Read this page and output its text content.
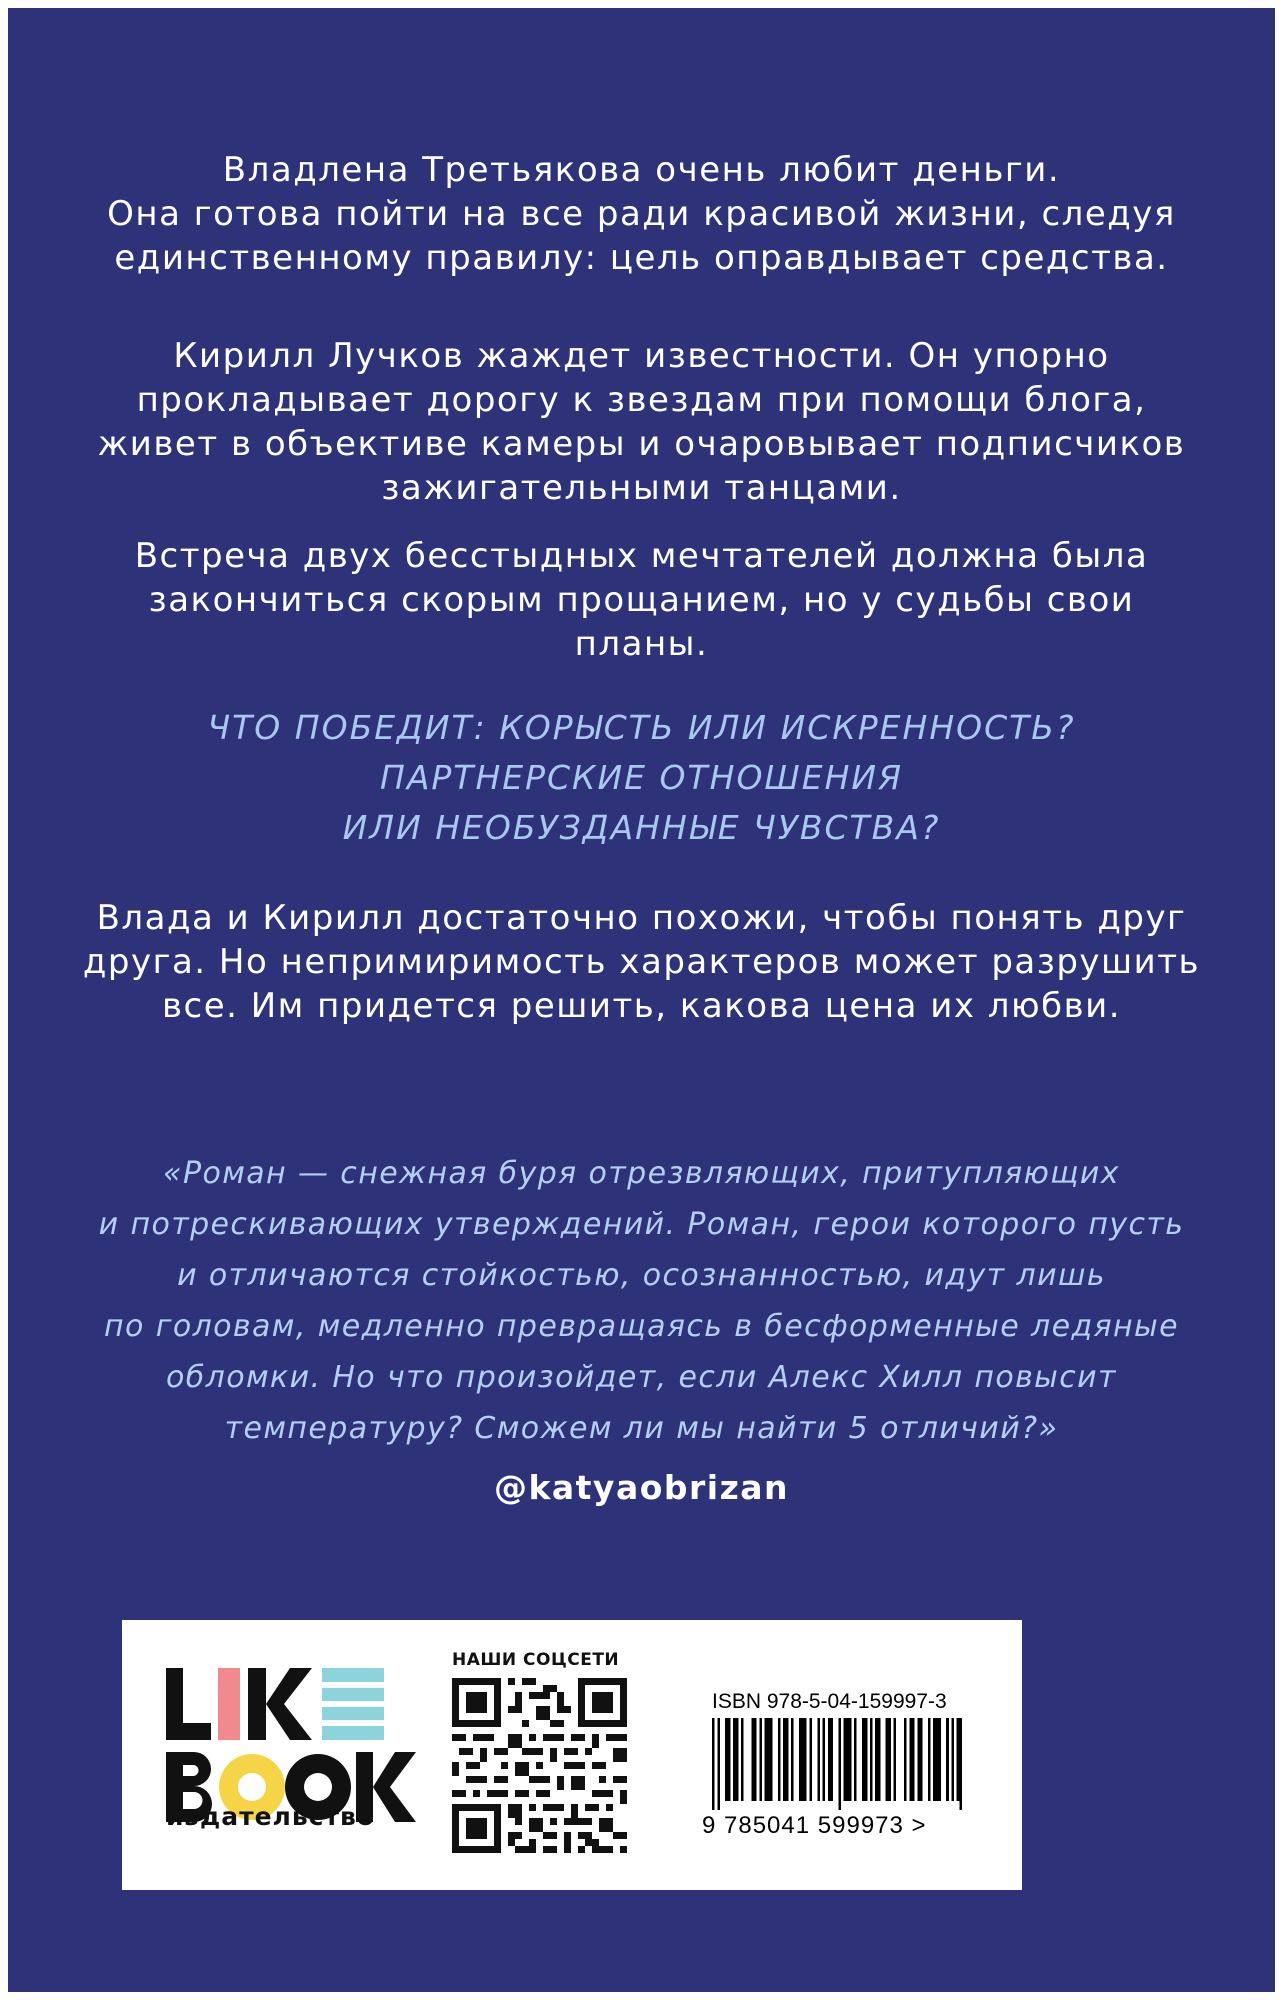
Владлена Третьякова очень любит деньги.
Она готова пойти на все ради красивой жизни, следуя
единственному правилу: цель оправдывает средства.
Кирилл Лучков жаждет известности. Он упорно
прокладывает дорогу к звездам при помощи блога,
живет в объективе камеры и очаровывает подписчиков
зажигательными танцами.
Встреча двух бесстыдных мечтателей должна была
закончиться скорым прощанием, но у судьбы свои
планы.
ЧТО ПОБЕДИТ: КОРЫСТЬ ИЛИ ИСКРЕННОСТЬ?
ПАРТНЕРСКИЕ ОТНОШЕНИЯ
ИЛИ НЕОБУЗДАННЫЕ ЧУВСТВА?
Влада и Кирилл достаточно похожи, чтобы понять друг
друга. Но непримиримость характеров может разрушить
все. Им придется решить, какова цена их любви.
«Роман — снежная буря отрезвляющих, притупляющих
и потрескивающих утверждений. Роман, герои которого пусть
и отличаются стойкостью, осознанностью, идут лишь
по головам, медленно превращаясь в бесформенные ледяные
обломки. Но что произойдет, если Алекс Хилл повысит
температуру? Сможем ли мы найти 5 отличий?»
@katyaobrizan
издательство
НАШИ СОЦСЕТИ
ISBN 978-5-04-159997-3
9 785041 599973 >
